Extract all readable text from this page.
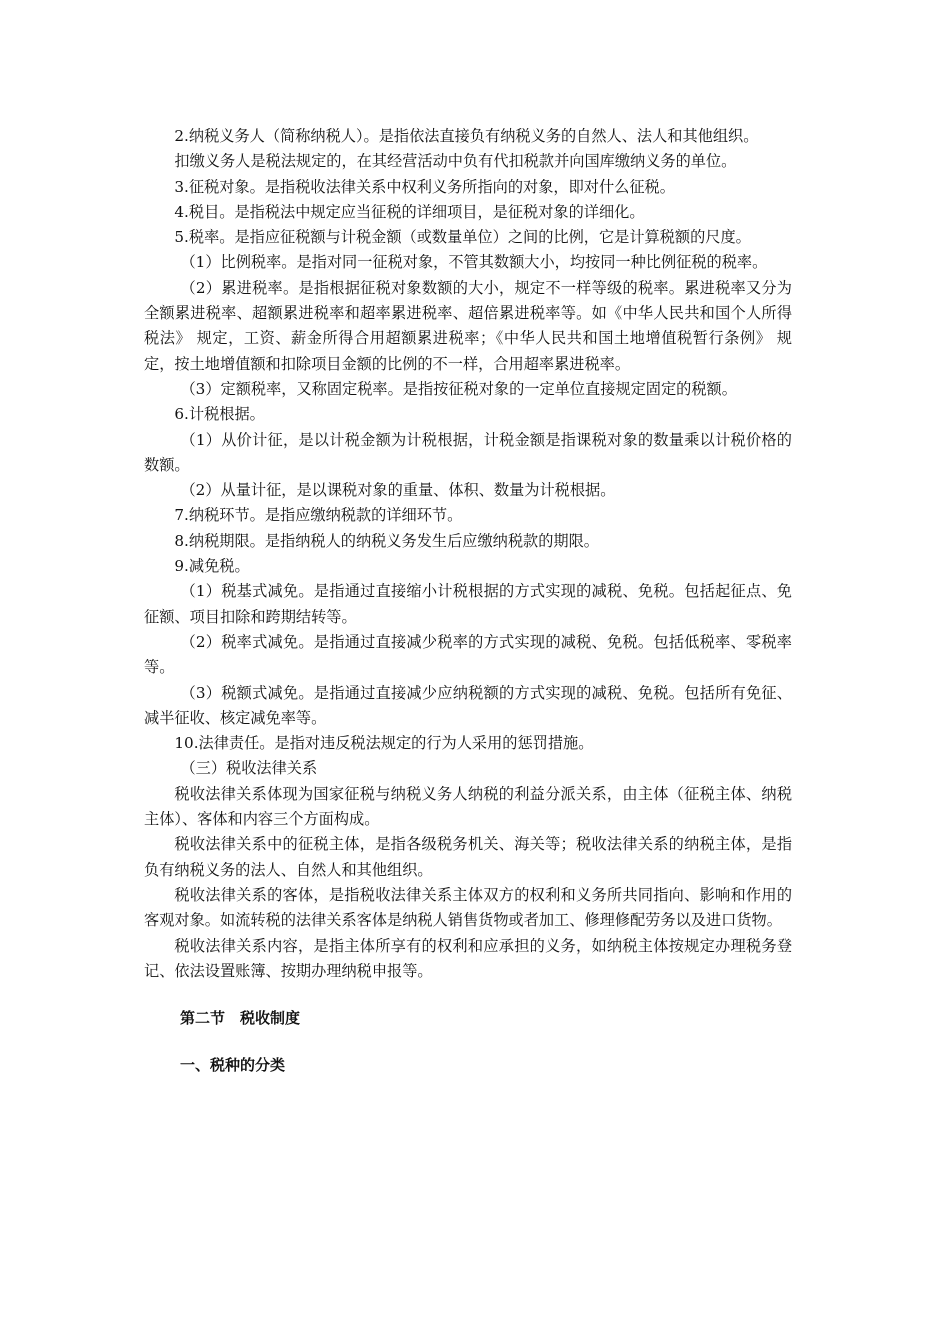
2.纳税义务人（简称纳税人）。是指依法直接负有纳税义务的自然人、法人和其他组织。

扣缴义务人是税法规定的，在其经营活动中负有代扣税款并向国库缴纳义务的单位。

3.征税对象。是指税收法律关系中权利义务所指向的对象，即对什么征税。

4.税目。是指税法中规定应当征税的详细项目，是征税对象的详细化。

5.税率。是指应征税额与计税金额（或数量单位）之间的比例，它是计算税额的尺度。

（1）比例税率。是指对同一征税对象，不管其数额大小，均按同一种比例征税的税率。

（2）累进税率。是指根据征税对象数额的大小，规定不一样等级的税率。累进税率又分为全额累进税率、超额累进税率和超率累进税率、超倍累进税率等。如《中华人民共和国个人所得税法》 规定，工资、薪金所得合用超额累进税率；《中华人民共和国土地增值税暂行条例》 规定，按土地增值额和扣除项目金额的比例的不一样，合用超率累进税率。

（3）定额税率，又称固定税率。是指按征税对象的一定单位直接规定固定的税额。

6.计税根据。

（1）从价计征，是以计税金额为计税根据，计税金额是指课税对象的数量乘以计税价格的数额。

（2）从量计征，是以课税对象的重量、体积、数量为计税根据。

7.纳税环节。是指应缴纳税款的详细环节。

8.纳税期限。是指纳税人的纳税义务发生后应缴纳税款的期限。

9.减免税。

（1）税基式减免。是指通过直接缩小计税根据的方式实现的减税、免税。包括起征点、免征额、项目扣除和跨期结转等。

（2）税率式减免。是指通过直接减少税率的方式实现的减税、免税。包括低税率、零税率等。

（3）税额式减免。是指通过直接减少应纳税额的方式实现的减税、免税。包括所有免征、减半征收、核定减免率等。

10.法律责任。是指对违反税法规定的行为人采用的惩罚措施。

（三）税收法律关系

税收法律关系体现为国家征税与纳税义务人纳税的利益分派关系，由主体（征税主体、纳税主体）、客体和内容三个方面构成。

税收法律关系中的征税主体，是指各级税务机关、海关等；税收法律关系的纳税主体，是指负有纳税义务的法人、自然人和其他组织。

税收法律关系的客体，是指税收法律关系主体双方的权利和义务所共同指向、影响和作用的客观对象。如流转税的法律关系客体是纳税人销售货物或者加工、修理修配劳务以及进口货物。

税收法律关系内容，是指主体所享有的权利和应承担的义务，如纳税主体按规定办理税务登记、依法设置账簿、按期办理纳税申报等。

第二节　税收制度

一、税种的分类
